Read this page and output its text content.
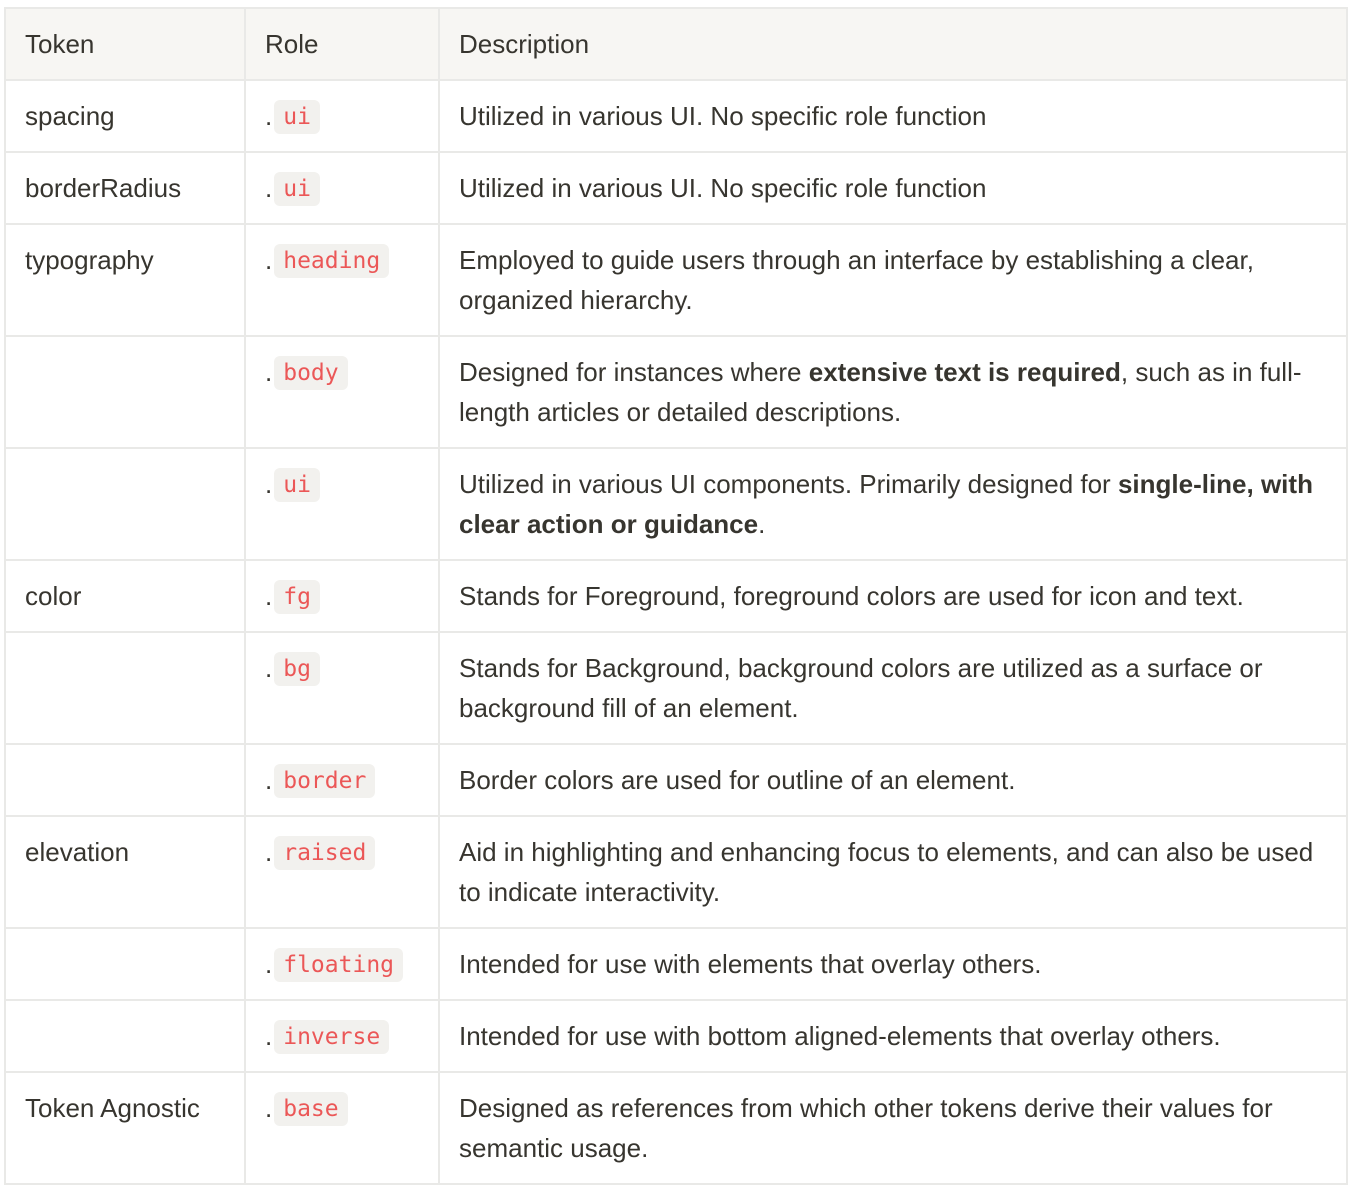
Token	Role	Description
spacing	. ui	Utilized in various UI. No specific role function
borderRadius	. ui	Utilized in various UI. No specific role function
typography	. heading	Employed to guide users through an interface by establishing a clear, organized hierarchy.
	. body	Designed for instances where extensive text is required, such as in full-length articles or detailed descriptions.
	. ui	Utilized in various UI components. Primarily designed for single-line, with clear action or guidance.
color	. fg	Stands for Foreground, foreground colors are used for icon and text.
	. bg	Stands for Background, background colors are utilized as a surface or background fill of an element.
	. border	Border colors are used for outline of an element.
elevation	. raised	Aid in highlighting and enhancing focus to elements, and can also be used to indicate interactivity.
	. floating	Intended for use with elements that overlay others.
	. inverse	Intended for use with bottom aligned-elements that overlay others.
Token Agnostic	. base	Designed as references from which other tokens derive their values for semantic usage.
